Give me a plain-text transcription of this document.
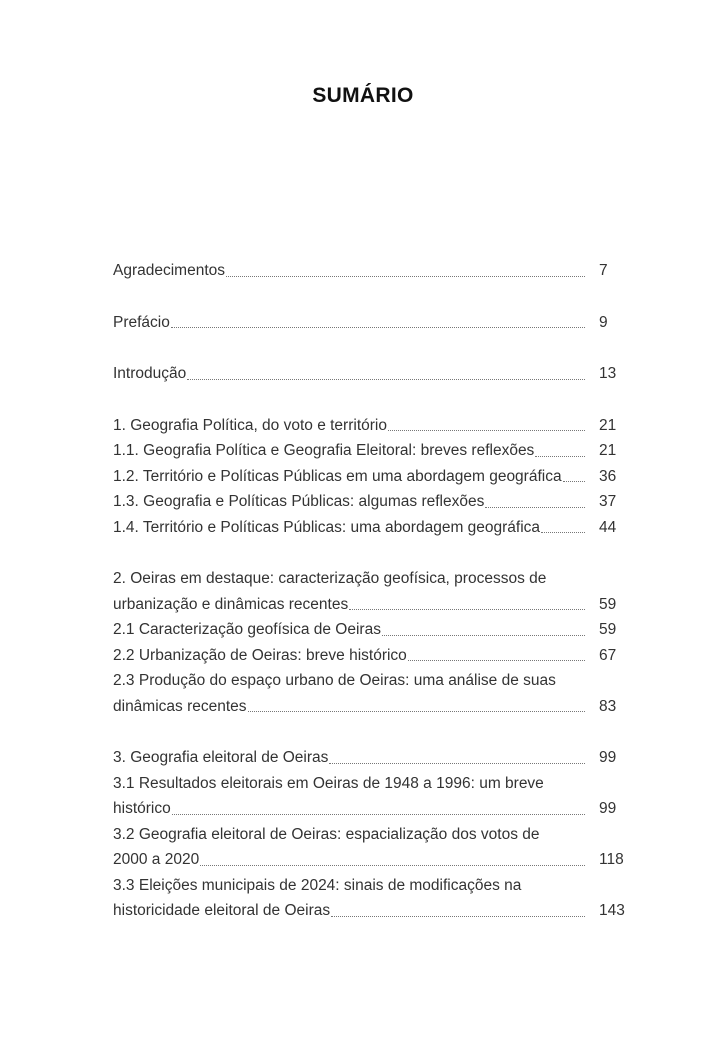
SUMÁRIO
Agradecimentos	7
Prefácio	9
Introdução	13
1. Geografia Política, do voto e território	21
1.1. Geografia Política e Geografia Eleitoral: breves reflexões	21
1.2. Território e Políticas Públicas em uma abordagem geográfica	36
1.3. Geografia e Políticas Públicas: algumas reflexões	37
1.4. Território e Políticas Públicas: uma abordagem geográfica	44
2. Oeiras em destaque: caracterização geofísica, processos de
urbanização e dinâmicas recentes	59
2.1 Caracterização geofísica de Oeiras	59
2.2 Urbanização de Oeiras: breve histórico	67
2.3 Produção do espaço urbano de Oeiras: uma análise de suas
dinâmicas recentes	83
3. Geografia eleitoral de Oeiras	99
3.1 Resultados eleitorais em Oeiras de 1948 a 1996: um breve
histórico	99
3.2 Geografia eleitoral de Oeiras: espacialização dos votos de
2000 a 2020	118
3.3 Eleições municipais de 2024: sinais de modificações na
historicidade eleitoral de Oeiras	143
